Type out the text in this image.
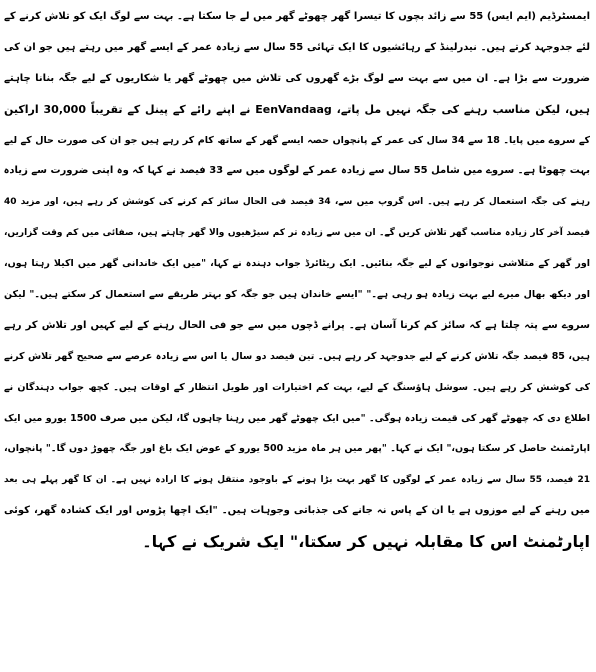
ایمسٹرڈیم (ایم ایس) 55 سے زائد بچوں کا تیسرا گھر چھوٹے گھر میں لے جا سکتا ہے۔ بہت سے لوگ ایک کو تلاش کرنے کے
لئے جدوجہد کرتے ہیں۔ نیدرلینڈ کے رہائشیوں کا ایک تہائی 55 سال سے زیادہ عمر کے ایسے گھر میں رہتے ہیں جو ان کی
ضرورت سے بڑا ہے۔ ان میں سے بہت سے لوگ بڑے گھروں کی تلاش میں چھوٹے گھر یا شکاریوں کے لیے جگہ بنانا چاہتے
ہیں، لیکن مناسب رہنے کی جگہ نہیں مل پاتے، EenVandaag نے اپنے رائے کے پینل کے تقریباً 30,000 اراکین
کے سروے میں پایا۔ 18 سے 34 سال کی عمر کے پانچواں حصہ ایسے گھر کے ساتھ کام کر رہے ہیں جو ان کی صورت حال کے لیے
بہت چھوٹا ہے۔ سروے میں شامل 55 سال سے زیادہ عمر کے لوگوں میں سے 33 فیصد نے کہا کہ وہ اپنی ضرورت سے زیادہ
رہنے کی جگہ استعمال کر رہے ہیں۔ اس گروپ میں سے، 34 فیصد فی الحال سائز کم کرنے کی کوشش کر رہے ہیں، اور مزید 40
فیصد آخر کار زیادہ مناسب گھر تلاش کریں گے۔ ان میں سے زیادہ تر کم سیڑھیوں والا گھر چاہتے ہیں، صفائی میں کم وقت گزاریں،
اور گھر کے متلاشی نوجوانوں کے لیے جگہ بنائیں۔ ایک ریٹائرڈ جواب دہندہ نے کہا، "میں ایک خاندانی گھر میں اکیلا رہتا ہوں،
اور دیکھ بھال میرے لیے بہت زیادہ ہو رہی ہے۔" "ایسے خاندان ہیں جو جگہ کو بہتر طریقے سے استعمال کر سکتے ہیں۔" لیکن
سروے سے پتہ چلتا ہے کہ سائز کم کرنا آسان ہے۔ پرانے ڈچوں میں سے جو فی الحال رہنے کے لیے کہیں اور تلاش کر رہے
ہیں، 85 فیصد جگہ تلاش کرنے کے لیے جدوجہد کر رہے ہیں۔ تین فیصد دو سال یا اس سے زیادہ عرصے سے صحیح گھر تلاش کرنے
کی کوشش کر رہے ہیں۔ سوشل ہاؤسنگ کے لیے، بہت کم اختیارات اور طویل انتظار کے اوقات ہیں۔ کچھ جواب دہندگان نے
اطلاع دی کہ چھوٹے گھر کی قیمت زیادہ ہوگی۔ "میں ایک چھوٹے گھر میں رہنا چاہوں گا، لیکن میں صرف 1500 یورو میں ایک
اپارٹمنٹ حاصل کر سکتا ہوں،" ایک نے کہا۔ "پھر میں ہر ماہ مزید 500 یورو کے عوض ایک باغ اور جگہ چھوڑ دوں گا۔" پانچواں،
21 فیصد، 55 سال سے زیادہ عمر کے لوگوں کا گھر بہت بڑا ہونے کے باوجود منتقل ہونے کا ارادہ نہیں ہے۔ ان کا گھر پہلے ہی بعد
میں رہنے کے لیے موزوں ہے یا ان کے پاس نہ جانے کی جذباتی وجوہات ہیں۔ "ایک اچھا پڑوس اور ایک کشادہ گھر، کوئی
اپارٹمنٹ اس کا مقابلہ نہیں کر سکتا،" ایک شریک نے کہا۔
